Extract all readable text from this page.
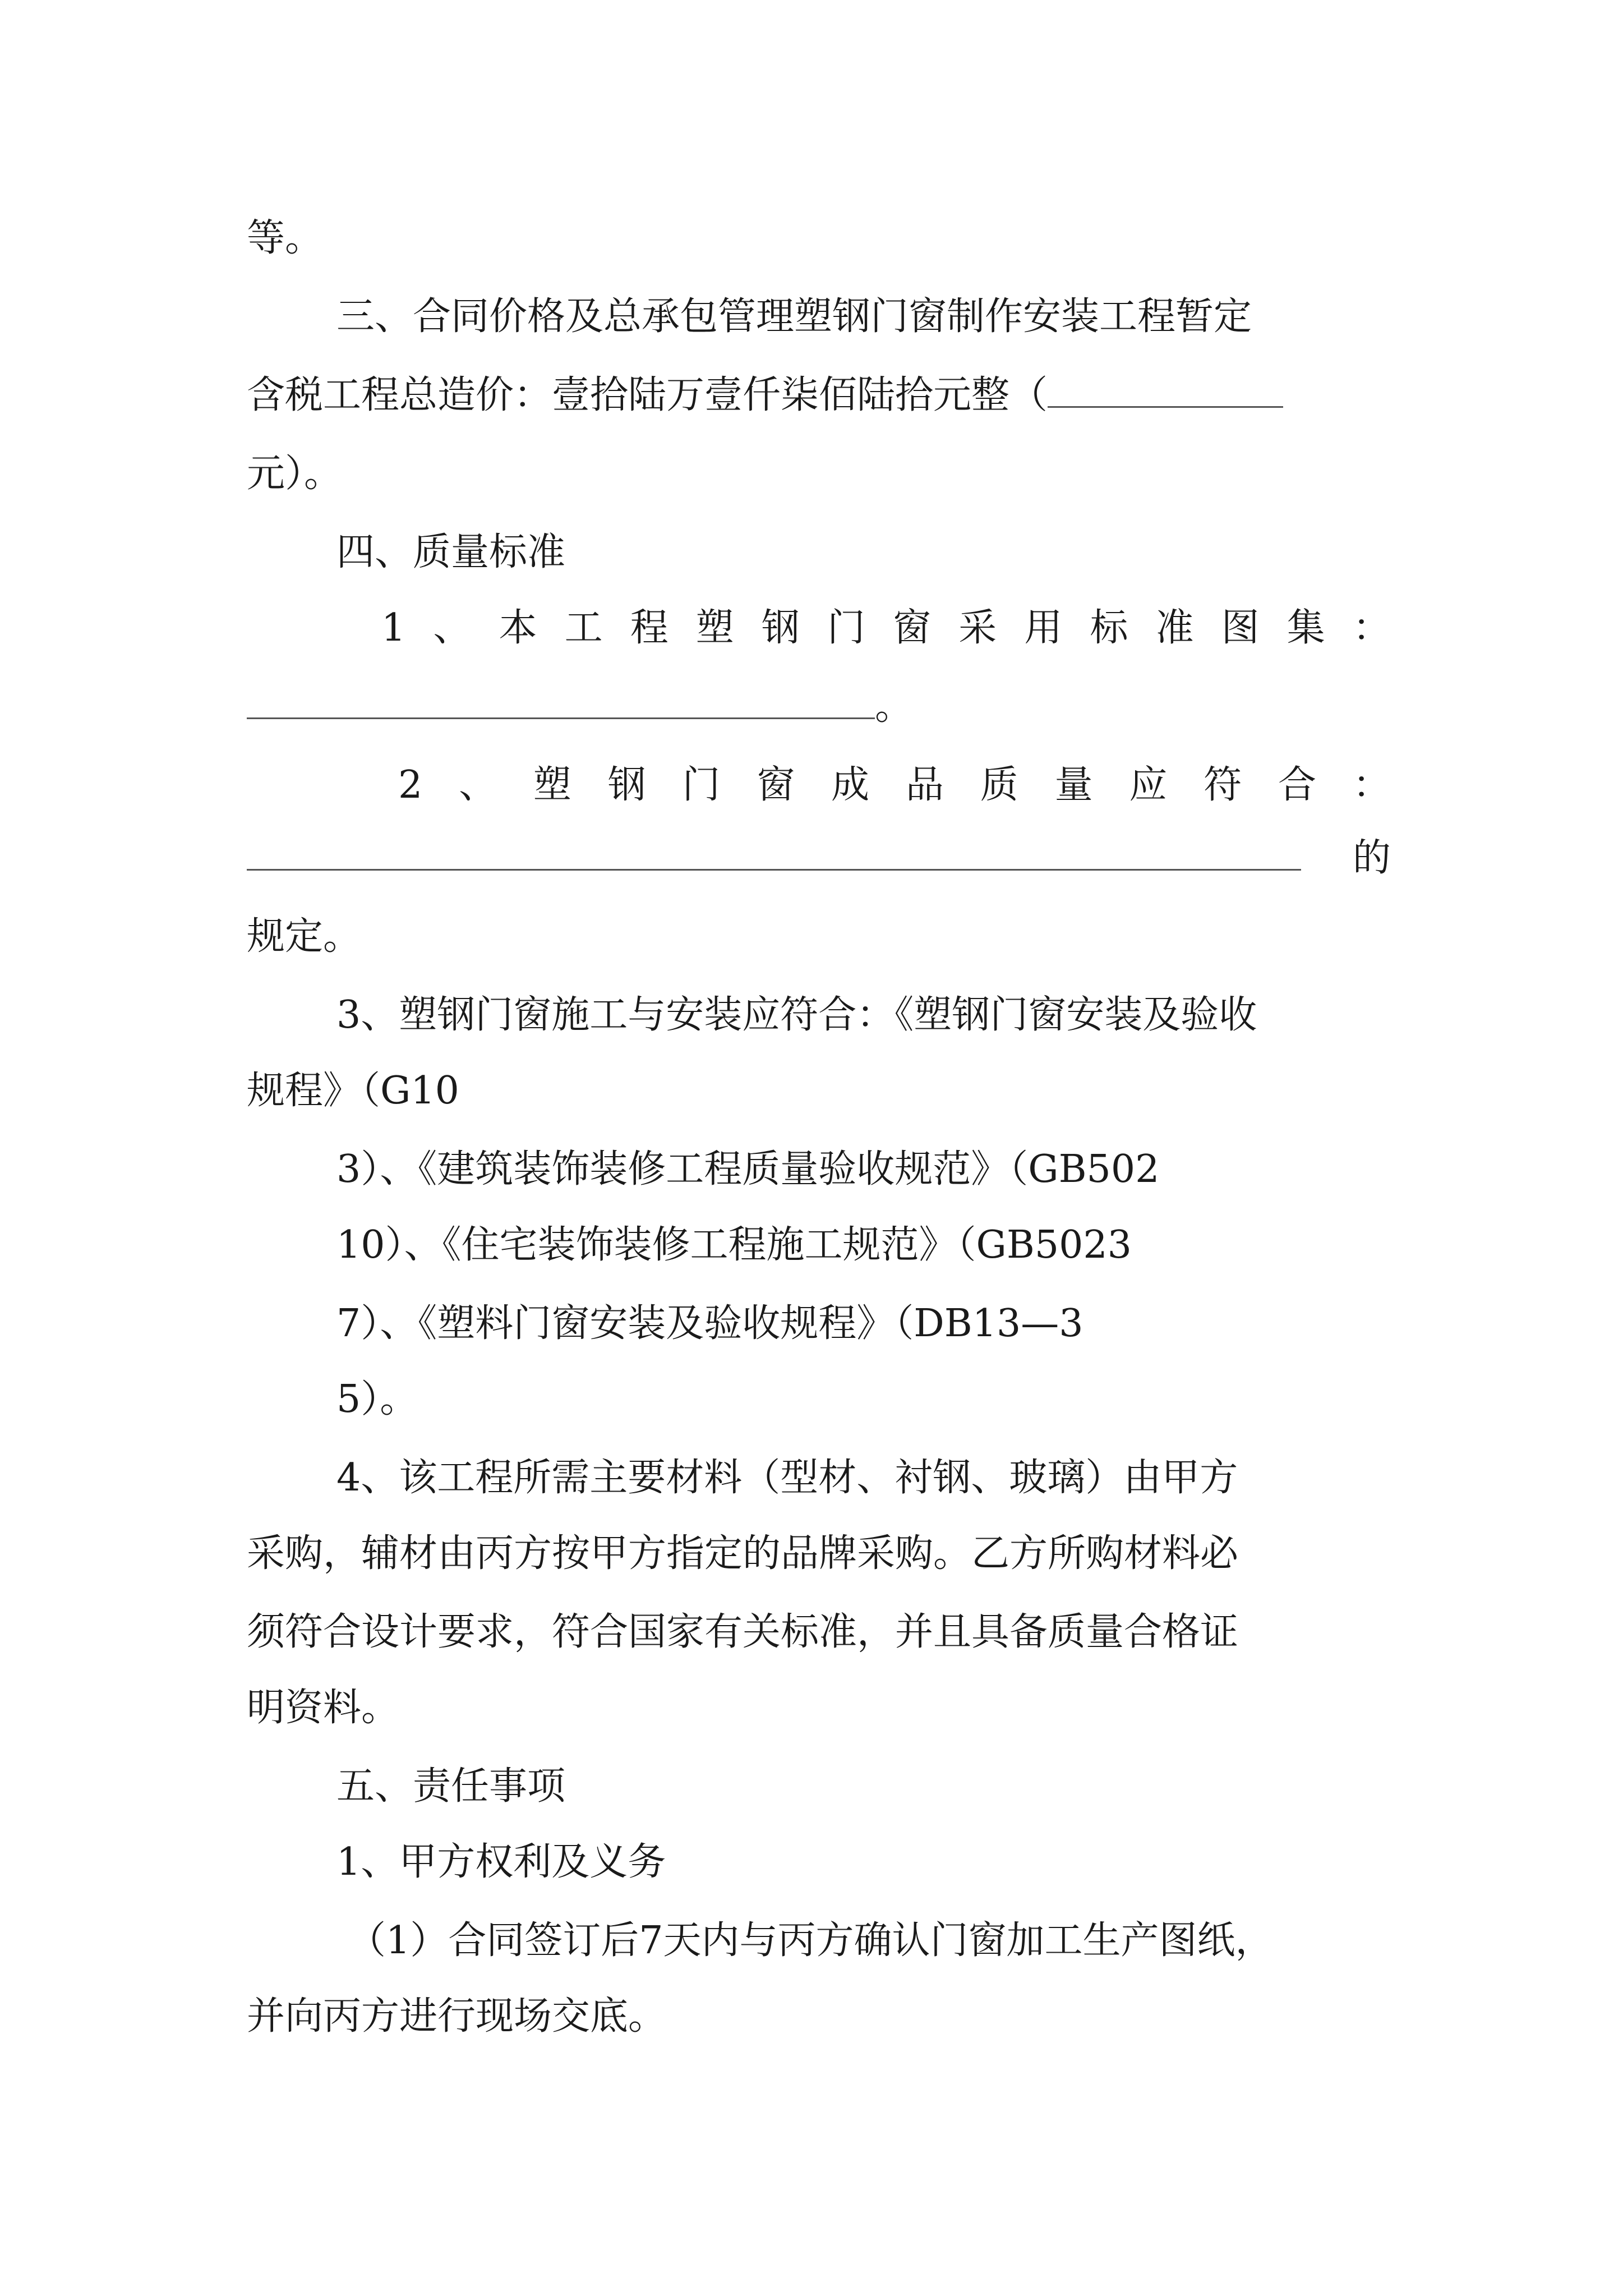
等。
三、合同价格及总承包管理塑钢门窗制作安装工程暂定
含税工程总造价：壹拾陆万壹仟柒佰陆拾元整（
元）。
四、质量标准
1 、 本 工 程 塑 钢 门 窗 采 用 标 准 图 集 ：
。
2 、 塑 钢 门 窗 成 品 质 量 应 符 合 ：
的
规定。
3、塑钢门窗施工与安装应符合：《塑钢门窗安装及验收
规程》（G10
3）、《建筑装饰装修工程质量验收规范》（GB502
10）、《住宅装饰装修工程施工规范》（GB5023
7）、《塑料门窗安装及验收规程》（DB13—3
5）。
4、该工程所需主要材料（型材、衬钢、玻璃）由甲方
采购，辅材由丙方按甲方指定的品牌采购。乙方所购材料必
须符合设计要求，符合国家有关标准，并且具备质量合格证
明资料。
五、责任事项
1、甲方权利及义务
（1）合同签订后7天内与丙方确认门窗加工生产图纸，
并向丙方进行现场交底。
